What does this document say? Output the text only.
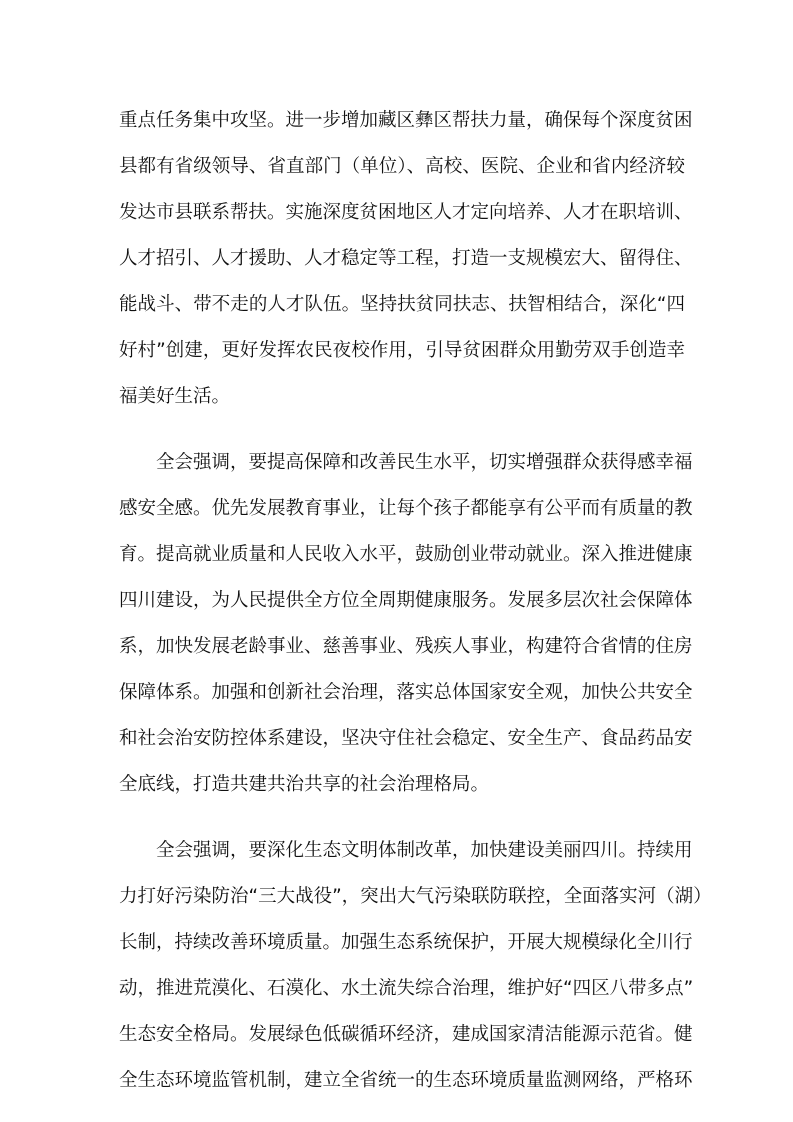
重点任务集中攻坚。进一步增加藏区彝区帮扶力量，确保每个深度贫困
县都有省级领导、省直部门（单位）、高校、医院、企业和省内经济较
发达市县联系帮扶。实施深度贫困地区人才定向培养、人才在职培训、
人才招引、人才援助、人才稳定等工程，打造一支规模宏大、留得住、
能战斗、带不走的人才队伍。坚持扶贫同扶志、扶智相结合，深化“四
好村”创建，更好发挥农民夜校作用，引导贫困群众用勤劳双手创造幸
福美好生活。
全会强调，要提高保障和改善民生水平，切实增强群众获得感幸福
感安全感。优先发展教育事业，让每个孩子都能享有公平而有质量的教
育。提高就业质量和人民收入水平，鼓励创业带动就业。深入推进健康
四川建设，为人民提供全方位全周期健康服务。发展多层次社会保障体
系，加快发展老龄事业、慈善事业、残疾人事业，构建符合省情的住房
保障体系。加强和创新社会治理，落实总体国家安全观，加快公共安全
和社会治安防控体系建设，坚决守住社会稳定、安全生产、食品药品安
全底线，打造共建共治共享的社会治理格局。
全会强调，要深化生态文明体制改革，加快建设美丽四川。持续用
力打好污染防治“三大战役”，突出大气污染联防联控，全面落实河（湖）
长制，持续改善环境质量。加强生态系统保护，开展大规模绿化全川行
动，推进荒漠化、石漠化、水土流失综合治理，维护好“四区八带多点”
生态安全格局。发展绿色低碳循环经济，建成国家清洁能源示范省。健
全生态环境监管机制，建立全省统一的生态环境质量监测网络，严格环
